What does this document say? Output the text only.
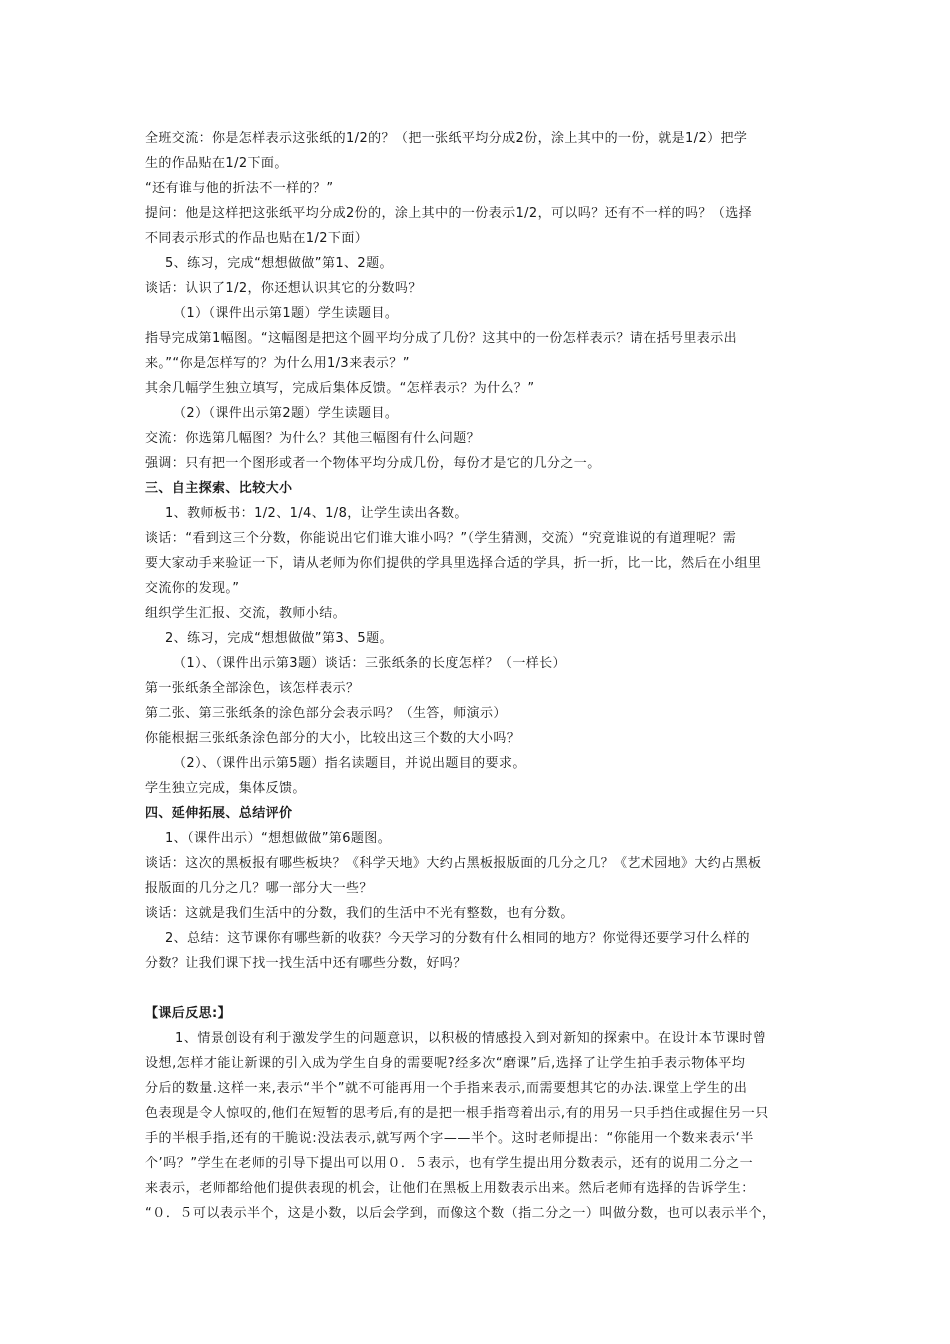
全班交流：你是怎样表示这张纸的1/2的？（把一张纸平均分成2份，涂上其中的一份，就是1/2）把学
生的作品贴在1/2下面。
“还有谁与他的折法不一样的？”
提问：他是这样把这张纸平均分成2份的，涂上其中的一份表示1/2，可以吗？还有不一样的吗？（选择
不同表示形式的作品也贴在1/2下面）
5、练习，完成“想想做做”第1、2题。
谈话：认识了1/2，你还想认识其它的分数吗？
（1）（课件出示第1题）学生读题目。
指导完成第1幅图。“这幅图是把这个圆平均分成了几份？这其中的一份怎样表示？请在括号里表示出
来。”“你是怎样写的？为什么用1/3来表示？”
其余几幅学生独立填写，完成后集体反馈。“怎样表示？为什么？”
（2）（课件出示第2题）学生读题目。
交流：你选第几幅图？为什么？其他三幅图有什么问题？
强调：只有把一个图形或者一个物体平均分成几份，每份才是它的几分之一。
三、自主探索、比较大小
1、教师板书：1/2、1/4、1/8，让学生读出各数。
谈话：“看到这三个分数，你能说出它们谁大谁小吗？”（学生猜测，交流）“究竟谁说的有道理呢？需
要大家动手来验证一下，请从老师为你们提供的学具里选择合适的学具，折一折，比一比，然后在小组里
交流你的发现。”
组织学生汇报、交流，教师小结。
2、练习，完成“想想做做”第3、5题。
（1）、（课件出示第3题）谈话：三张纸条的长度怎样？（一样长）
第一张纸条全部涂色，该怎样表示？
第二张、第三张纸条的涂色部分会表示吗？（生答，师演示）
你能根据三张纸条涂色部分的大小，比较出这三个数的大小吗？
（2）、（课件出示第5题）指名读题目，并说出题目的要求。
学生独立完成，集体反馈。
四、延伸拓展、总结评价
1、（课件出示）“想想做做”第6题图。
谈话：这次的黑板报有哪些板块？《科学天地》大约占黑板报版面的几分之几？《艺术园地》大约占黑板
报版面的几分之几？哪一部分大一些？
谈话：这就是我们生活中的分数，我们的生活中不光有整数，也有分数。
2、总结：这节课你有哪些新的收获？今天学习的分数有什么相同的地方？你觉得还要学习什么样的
分数？让我们课下找一找生活中还有哪些分数，好吗？
【课后反思:】
1、情景创设有利于激发学生的问题意识，以积极的情感投入到对新知的探索中。在设计本节课时曾
设想,怎样才能让新课的引入成为学生自身的需要呢?经多次“磨课”后,选择了让学生拍手表示物体平均
分后的数量.这样一来,表示“半个”就不可能再用一个手指来表示,而需要想其它的办法.课堂上学生的出
色表现是令人惊叹的,他们在短暂的思考后,有的是把一根手指弯着出示,有的用另一只手挡住或握住另一只
手的半根手指,还有的干脆说:没法表示,就写两个字——半个。这时老师提出：“你能用一个数来表示‘半
个’吗？”学生在老师的引导下提出可以用０．５表示，也有学生提出用分数表示，还有的说用二分之一
来表示，老师都给他们提供表现的机会，让他们在黑板上用数表示出来。然后老师有选择的告诉学生：
“０．５可以表示半个，这是小数，以后会学到，而像这个数（指二分之一）叫做分数，也可以表示半个，
